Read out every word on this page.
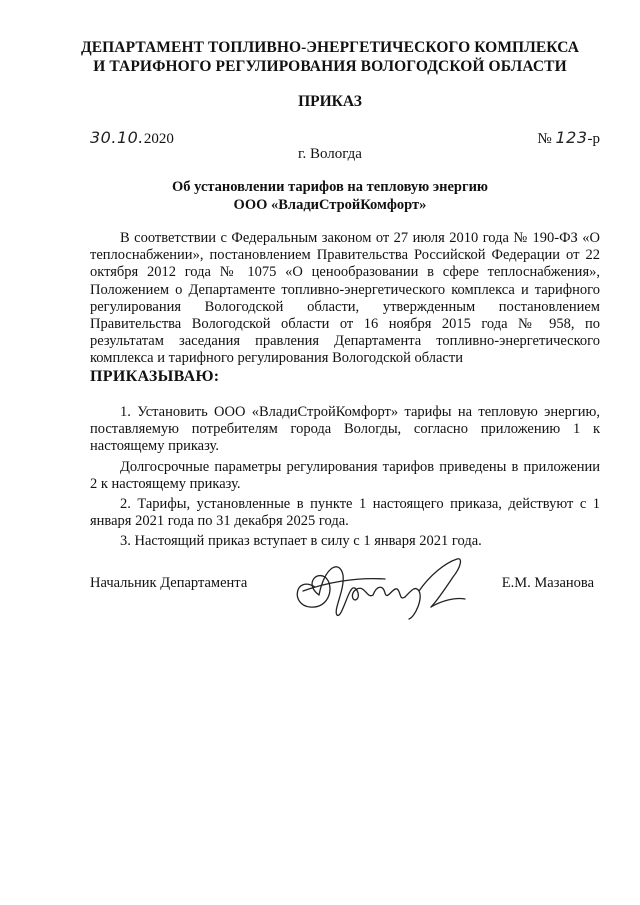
ДЕПАРТАМЕНТ ТОПЛИВНО-ЭНЕРГЕТИЧЕСКОГО КОМПЛЕКСА
И ТАРИФНОГО РЕГУЛИРОВАНИЯ ВОЛОГОДСКОЙ ОБЛАСТИ
ПРИКАЗ
30.10.2020	№ 123-р
г. Вологда
Об установлении тарифов на тепловую энергию
ООО «ВладиСтройКомфорт»
В соответствии с Федеральным законом от 27 июля 2010 года № 190-ФЗ «О теплоснабжении», постановлением Правительства Российской Федерации от 22 октября 2012 года № 1075 «О ценообразовании в сфере теплоснабжения», Положением о Департаменте топливно-энергетического комплекса и тарифного регулирования Вологодской области, утвержденным постановлением Правительства Вологодской области от 16 ноября 2015 года № 958, по результатам заседания правления Департамента топливно-энергетического комплекса и тарифного регулирования Вологодской области
ПРИКАЗЫВАЮ:

1. Установить ООО «ВладиСтройКомфорт» тарифы на тепловую энергию, поставляемую потребителям города Вологды, согласно приложению 1 к настоящему приказу.

Долгосрочные параметры регулирования тарифов приведены в приложении 2 к настоящему приказу.

2. Тарифы, установленные в пункте 1 настоящего приказа, действуют с 1 января 2021 года по 31 декабря 2025 года.

3. Настоящий приказ вступает в силу с 1 января 2021 года.

Начальник Департамента	Е.М. Мазанова
